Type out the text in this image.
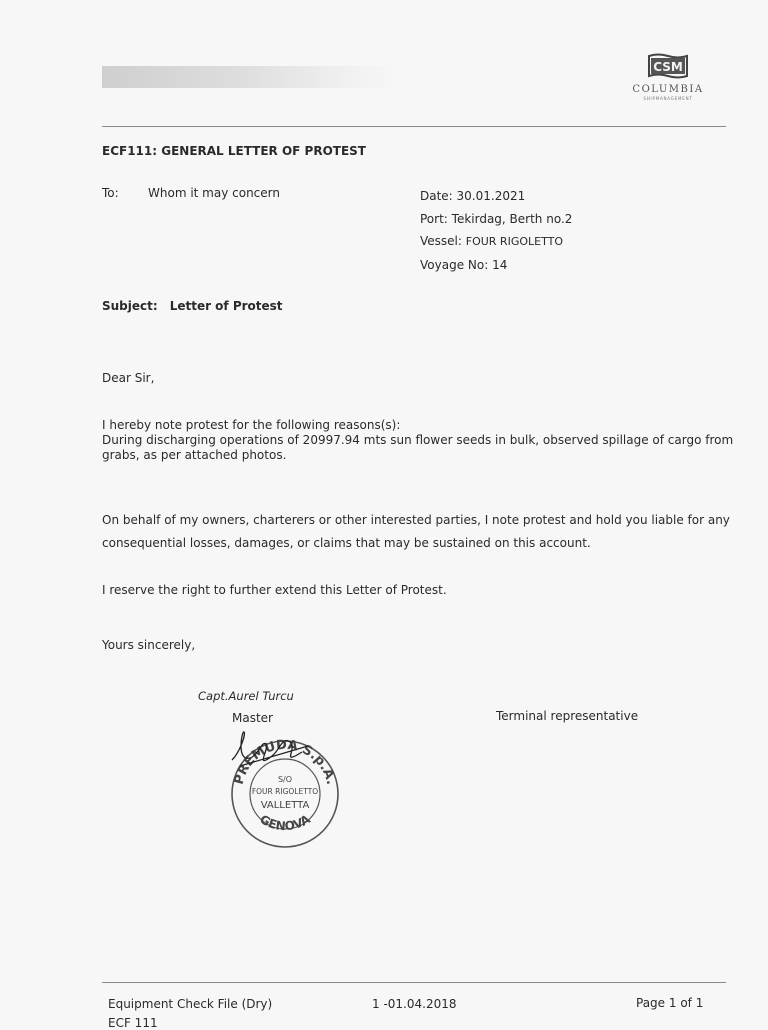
CSM
COLUMBIA
SHIPMANAGEMENT
ECF111: GENERAL LETTER OF PROTEST
To: Whom it may concern	Date: 30.01.2021
Port: Tekirdag, Berth no.2
Vessel: FOUR RIGOLETTO
Voyage No: 14
Subject: Letter of Protest
Dear Sir,
I hereby note protest for the following reasons(s):
During discharging operations of 20997.94 mts sun flower seeds in bulk, observed spillage of cargo from grabs, as per attached photos.
On behalf of my owners, charterers or other interested parties, I note protest and hold you liable for any consequential losses, damages, or claims that may be sustained on this account.
I reserve the right to further extend this Letter of Protest.
Yours sincerely,
Capt.Aurel Turcu
Master	Terminal representative
PREMUDA S.p.A.
GENOVA
S/O
FOUR RIGOLETTO
VALLETTA
Equipment Check File (Dry)	1 -01.04.2018	Page 1 of 1
ECF 111
